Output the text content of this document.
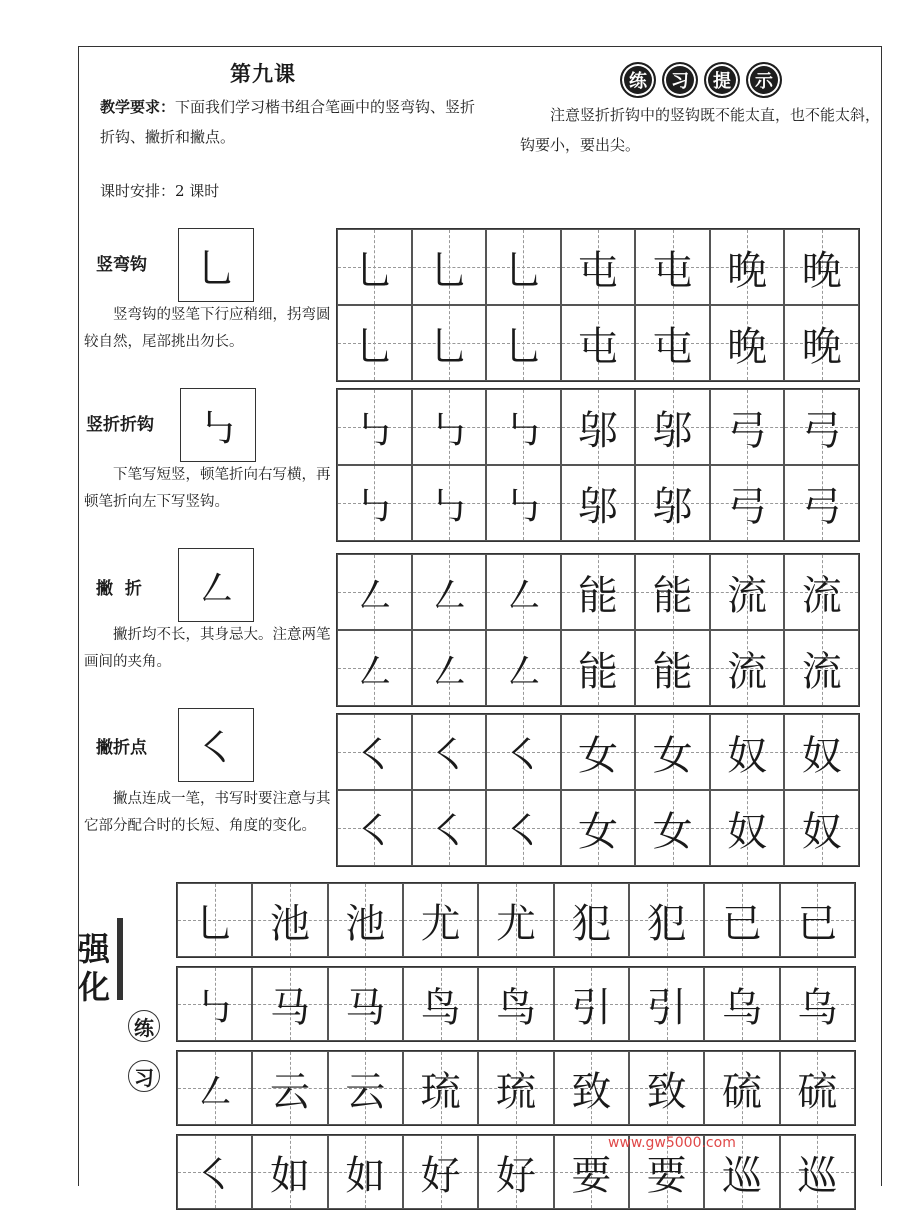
第九课
教学要求：下面我们学习楷书组合笔画中的竖弯钩、竖折折钩、撇折和撇点。
课时安排：2 课时
练	习	提	示
注意竖折折钩中的竖钩既不能太直，也不能太斜，钩要小，要出尖。
竖弯钩	乚
竖弯钩的竖笔下行应稍细，拐弯圆较自然，尾部挑出勿长。
乚 乚 乚 屯 屯 晚 晚
乚 乚 乚 屯 屯 晚 晚
竖折折钩	㇉
下笔写短竖，顿笔折向右写横，再顿笔折向左下写竖钩。
㇉ ㇉ ㇉ 邬 邬 弓 弓
㇉ ㇉ ㇉ 邬 邬 弓 弓
撇  折	㇜
撇折均不长，其身忌大。注意两笔画间的夹角。
㇜ ㇜ ㇜ 能 能 流 流
㇜ ㇜ ㇜ 能 能 流 流
撇折点	㇛
撇点连成一笔，书写时要注意与其它部分配合时的长短、角度的变化。
㇛ ㇛ ㇛ 女 女 奴 奴
㇛ ㇛ ㇛ 女 女 奴 奴
强化
练
习
乚 池 池 尤 尤 犯 犯 已 已
㇉ 马 马 鸟 鸟 引 引 乌 乌
㇜ 云 云 琉 琉 致 致 硫 硫
㇛ 如 如 好 好 要 要 巡 巡
www.gw5000.com
